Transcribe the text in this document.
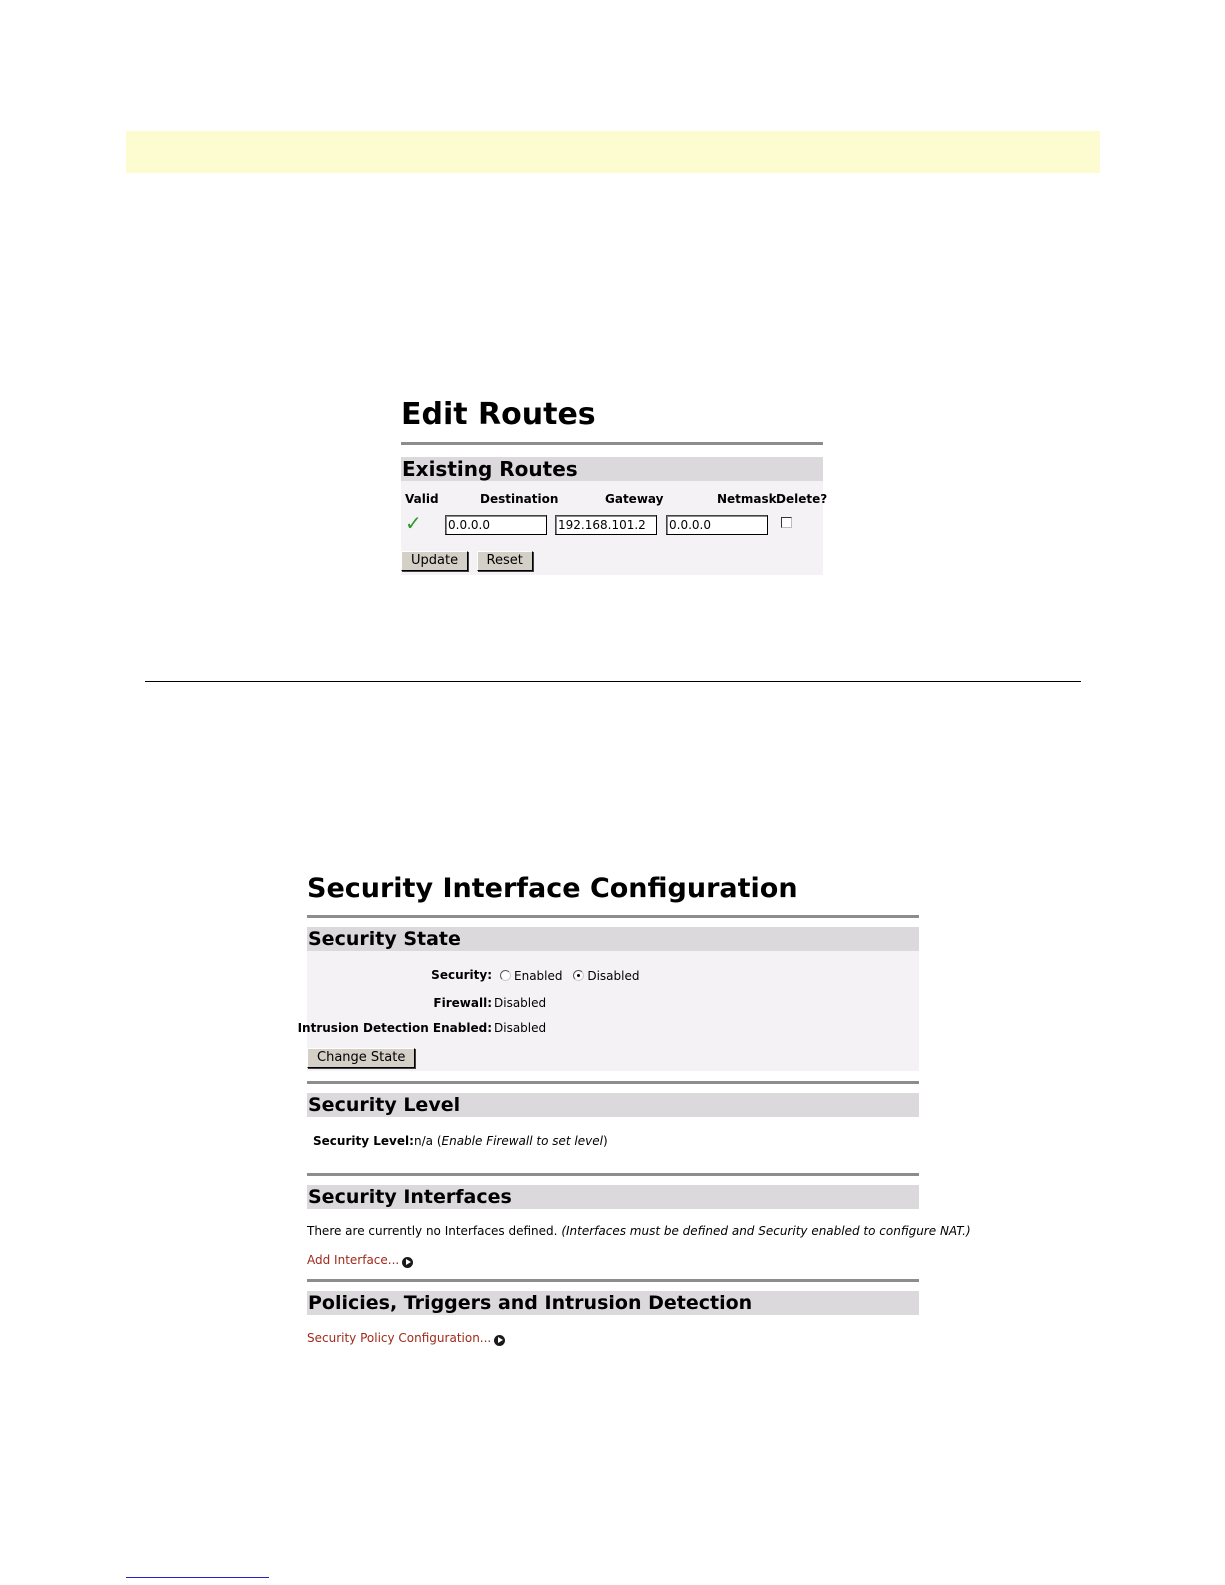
Edit Routes
Existing Routes
Valid	Destination	Gateway	Netmask Delete?
✓ 0.0.0.0	192.168.101.2	0.0.0.0
Update Reset
Security Interface Configuration
Security State
Security:	Enabled Disabled
Firewall: Disabled
Intrusion Detection Enabled: Disabled
Change State
Security Level
Security Level: n/a (Enable Firewall to set level)
Security Interfaces
There are currently no Interfaces defined. (Interfaces must be defined and Security enabled to configure NAT.)
Add Interface...
Policies, Triggers and Intrusion Detection
Security Policy Configuration...
